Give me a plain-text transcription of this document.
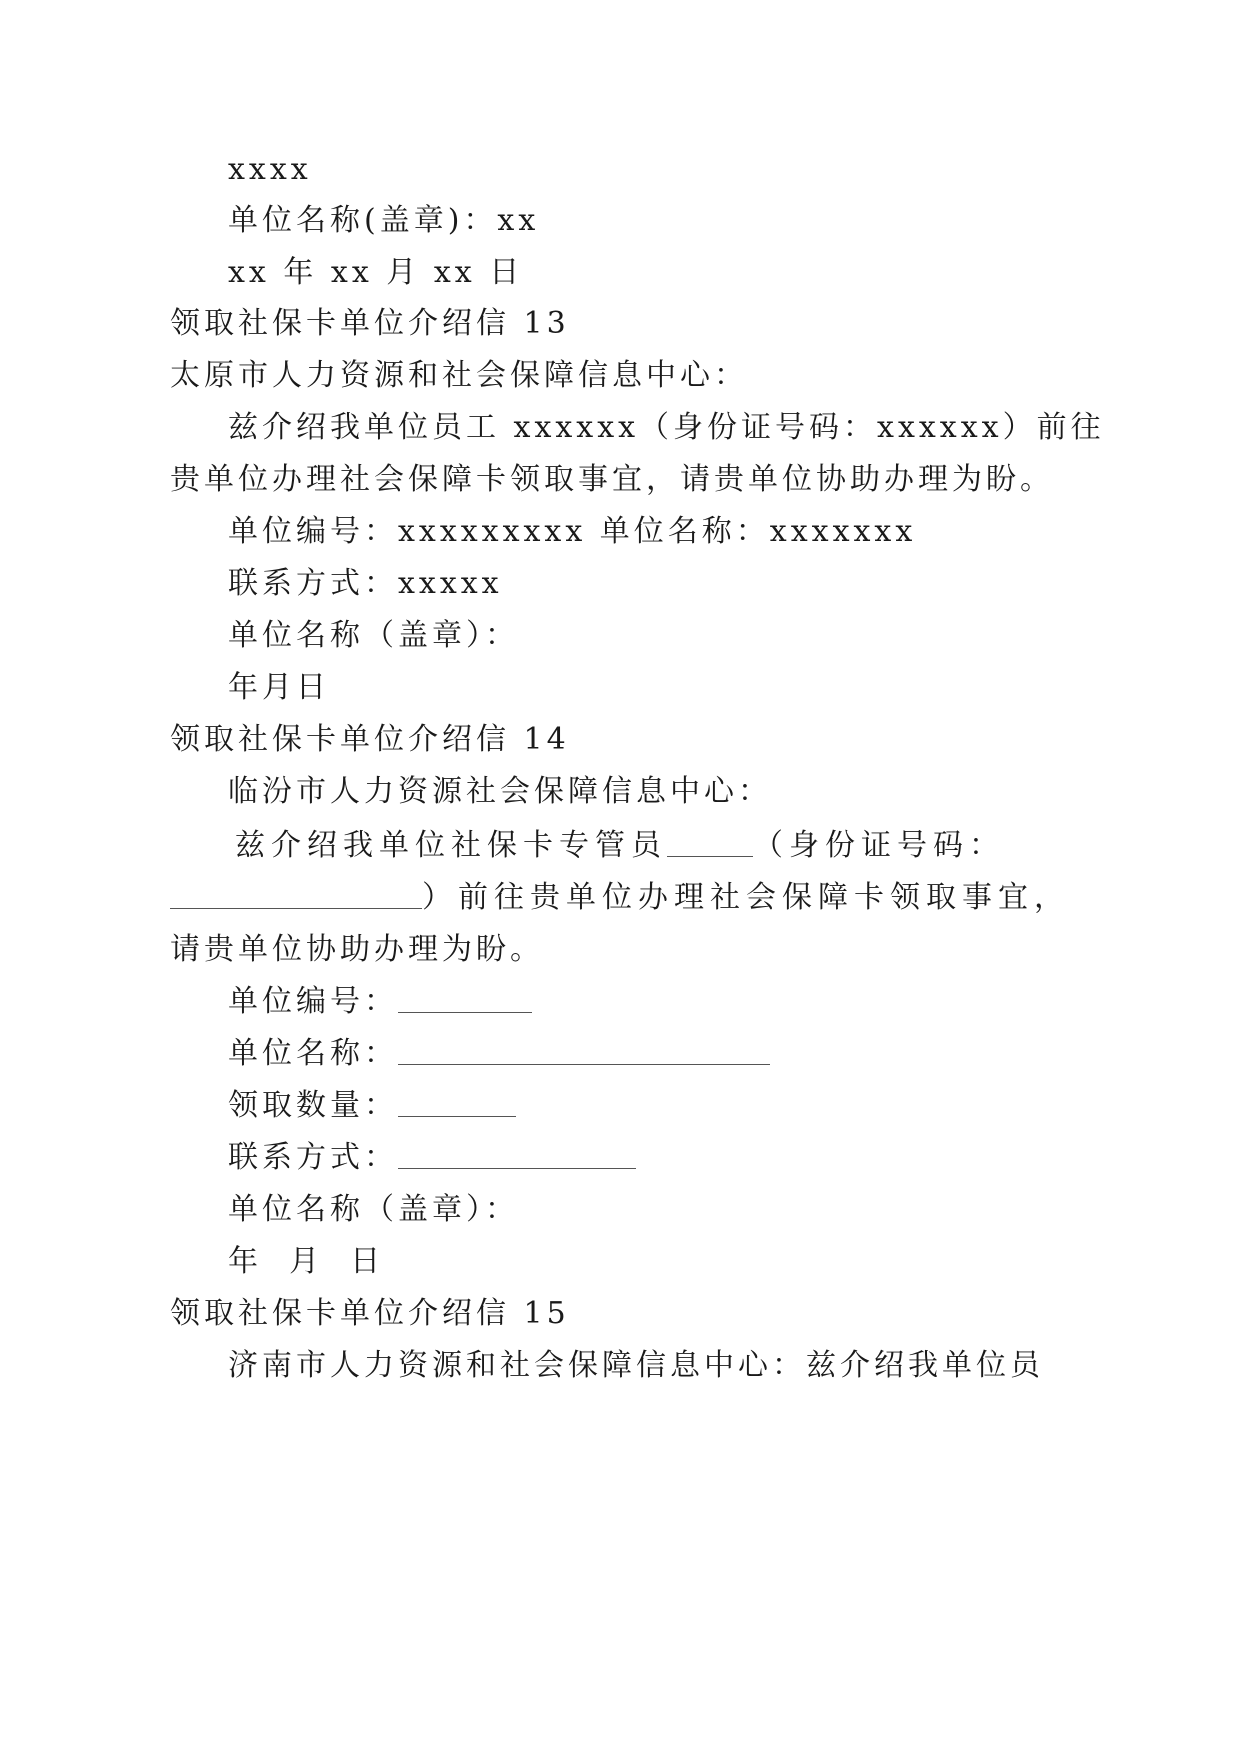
xxxx
单位名称(盖章)：xx
xx 年 xx 月 xx 日
领取社保卡单位介绍信 13
太原市人力资源和社会保障信息中心：
兹介绍我单位员工 xxxxxx（身份证号码：xxxxxx）前往
贵单位办理社会保障卡领取事宜，请贵单位协助办理为盼。
单位编号：xxxxxxxxx 单位名称：xxxxxxx
联系方式：xxxxx
单位名称（盖章）：
年月日
领取社保卡单位介绍信 14
临汾市人力资源社会保障信息中心：
兹介绍我单位社保卡专管员	（身份证号码：
）前往贵单位办理社会保障卡领取事宜，
请贵单位协助办理为盼。
单位编号：
单位名称：
领取数量：
联系方式：
单位名称（盖章）：
年  月  日
领取社保卡单位介绍信 15
济南市人力资源和社会保障信息中心：兹介绍我单位员
